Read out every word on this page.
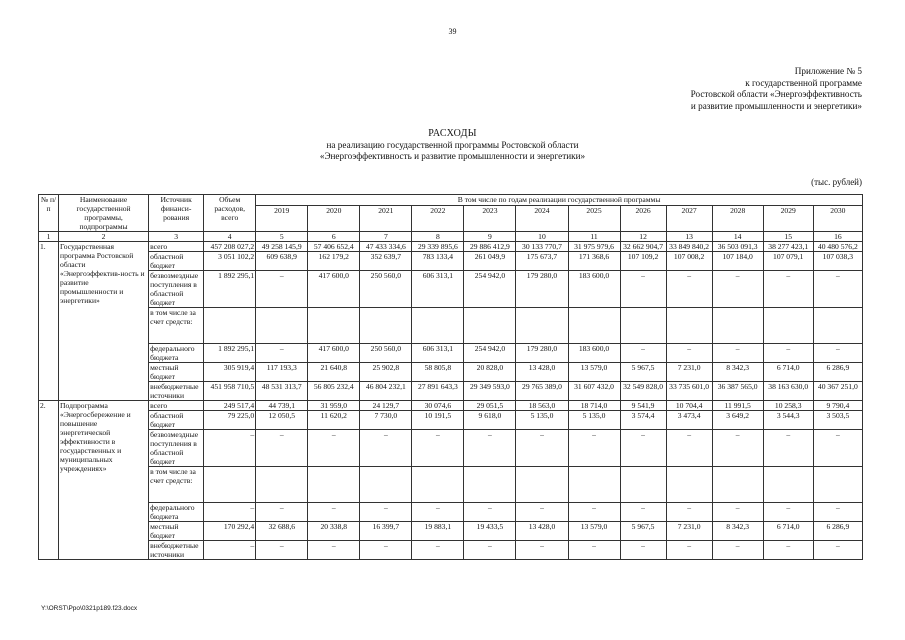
39
Приложение № 5
к государственной программе
Ростовской области «Энергоэффективность
и развитие промышленности и энергетики»
РАСХОДЫ
на реализацию государственной программы Ростовской области
«Энергоэффективность и развитие промышленности и энергетики»
(тыс. рублей)
№ п/п	Наименование государственной программы, подпрограммы	Источник финанси-рования	Объем расходов, всего	В том числе по годам реализации государственной программы											
				2019	2020	2021	2022	2023	2024	2025	2026	2027	2028	2029	2030
1	2	3	4	5	6	7	8	9	10	11	12	13	14	15	16
1.	Государственная программа Ростовской области «Энергоэффектив-ность и развитие промышленности и энергетики»	всего	457 208 027,2	49 258 145,9	57 406 652,4	47 433 334,6	29 339 895,6	29 886 412,9	30 133 770,7	31 975 979,6	32 662 904,7	33 849 840,2	36 503 091,3	38 277 423,1	40 480 576,2
		областной бюджет	3 051 102,2	609 638,9	162 179,2	352 639,7	783 133,4	261 049,9	175 673,7	171 368,6	107 109,2	107 008,2	107 184,0	107 079,1	107 038,3
		безвозмездные поступления в областной бюджет	1 892 295,1	–	417 600,0	250 560,0	606 313,1	254 942,0	179 280,0	183 600,0	–	–	–	–	–
		в том числе за счет средств:													
		федерального бюджета	1 892 295,1	–	417 600,0	250 560,0	606 313,1	254 942,0	179 280,0	183 600,0	–	–	–	–	–
		местный бюджет	305 919,4	117 193,3	21 640,8	25 902,8	58 805,8	20 828,0	13 428,0	13 579,0	5 967,5	7 231,0	8 342,3	6 714,0	6 286,9
		внебюджетные источники	451 958 710,5	48 531 313,7	56 805 232,4	46 804 232,1	27 891 643,3	29 349 593,0	29 765 389,0	31 607 432,0	32 549 828,0	33 735 601,0	36 387 565,0	38 163 630,0	40 367 251,0
2.	Подпрограмма «Энергосбережение и повышение энергетической эффективности в государственных и муниципальных учреждениях»	всего	249 517,4	44 739,1	31 959,0	24 129,7	30 074,6	29 051,5	18 563,0	18 714,0	9 541,9	10 704,4	11 991,5	10 258,3	9 790,4
		областной бюджет	79 225,0	12 050,5	11 620,2	7 730,0	10 191,5	9 618,0	5 135,0	5 135,0	3 574,4	3 473,4	3 649,2	3 544,3	3 503,5
		безвозмездные поступления в областной бюджет	–	–	–	–	–	–	–	–	–	–	–	–	–
		в том числе за счет средств:													
		федерального бюджета	–	–	–	–	–	–	–	–	–	–	–	–	–
		местный бюджет	170 292,4	32 688,6	20 338,8	16 399,7	19 883,1	19 433,5	13 428,0	13 579,0	5 967,5	7 231,0	8 342,3	6 714,0	6 286,9
		внебюджетные источники	–	–	–	–	–	–	–	–	–	–	–	–	–
Y:\ORST\Ppo\0321p189.f23.docx
